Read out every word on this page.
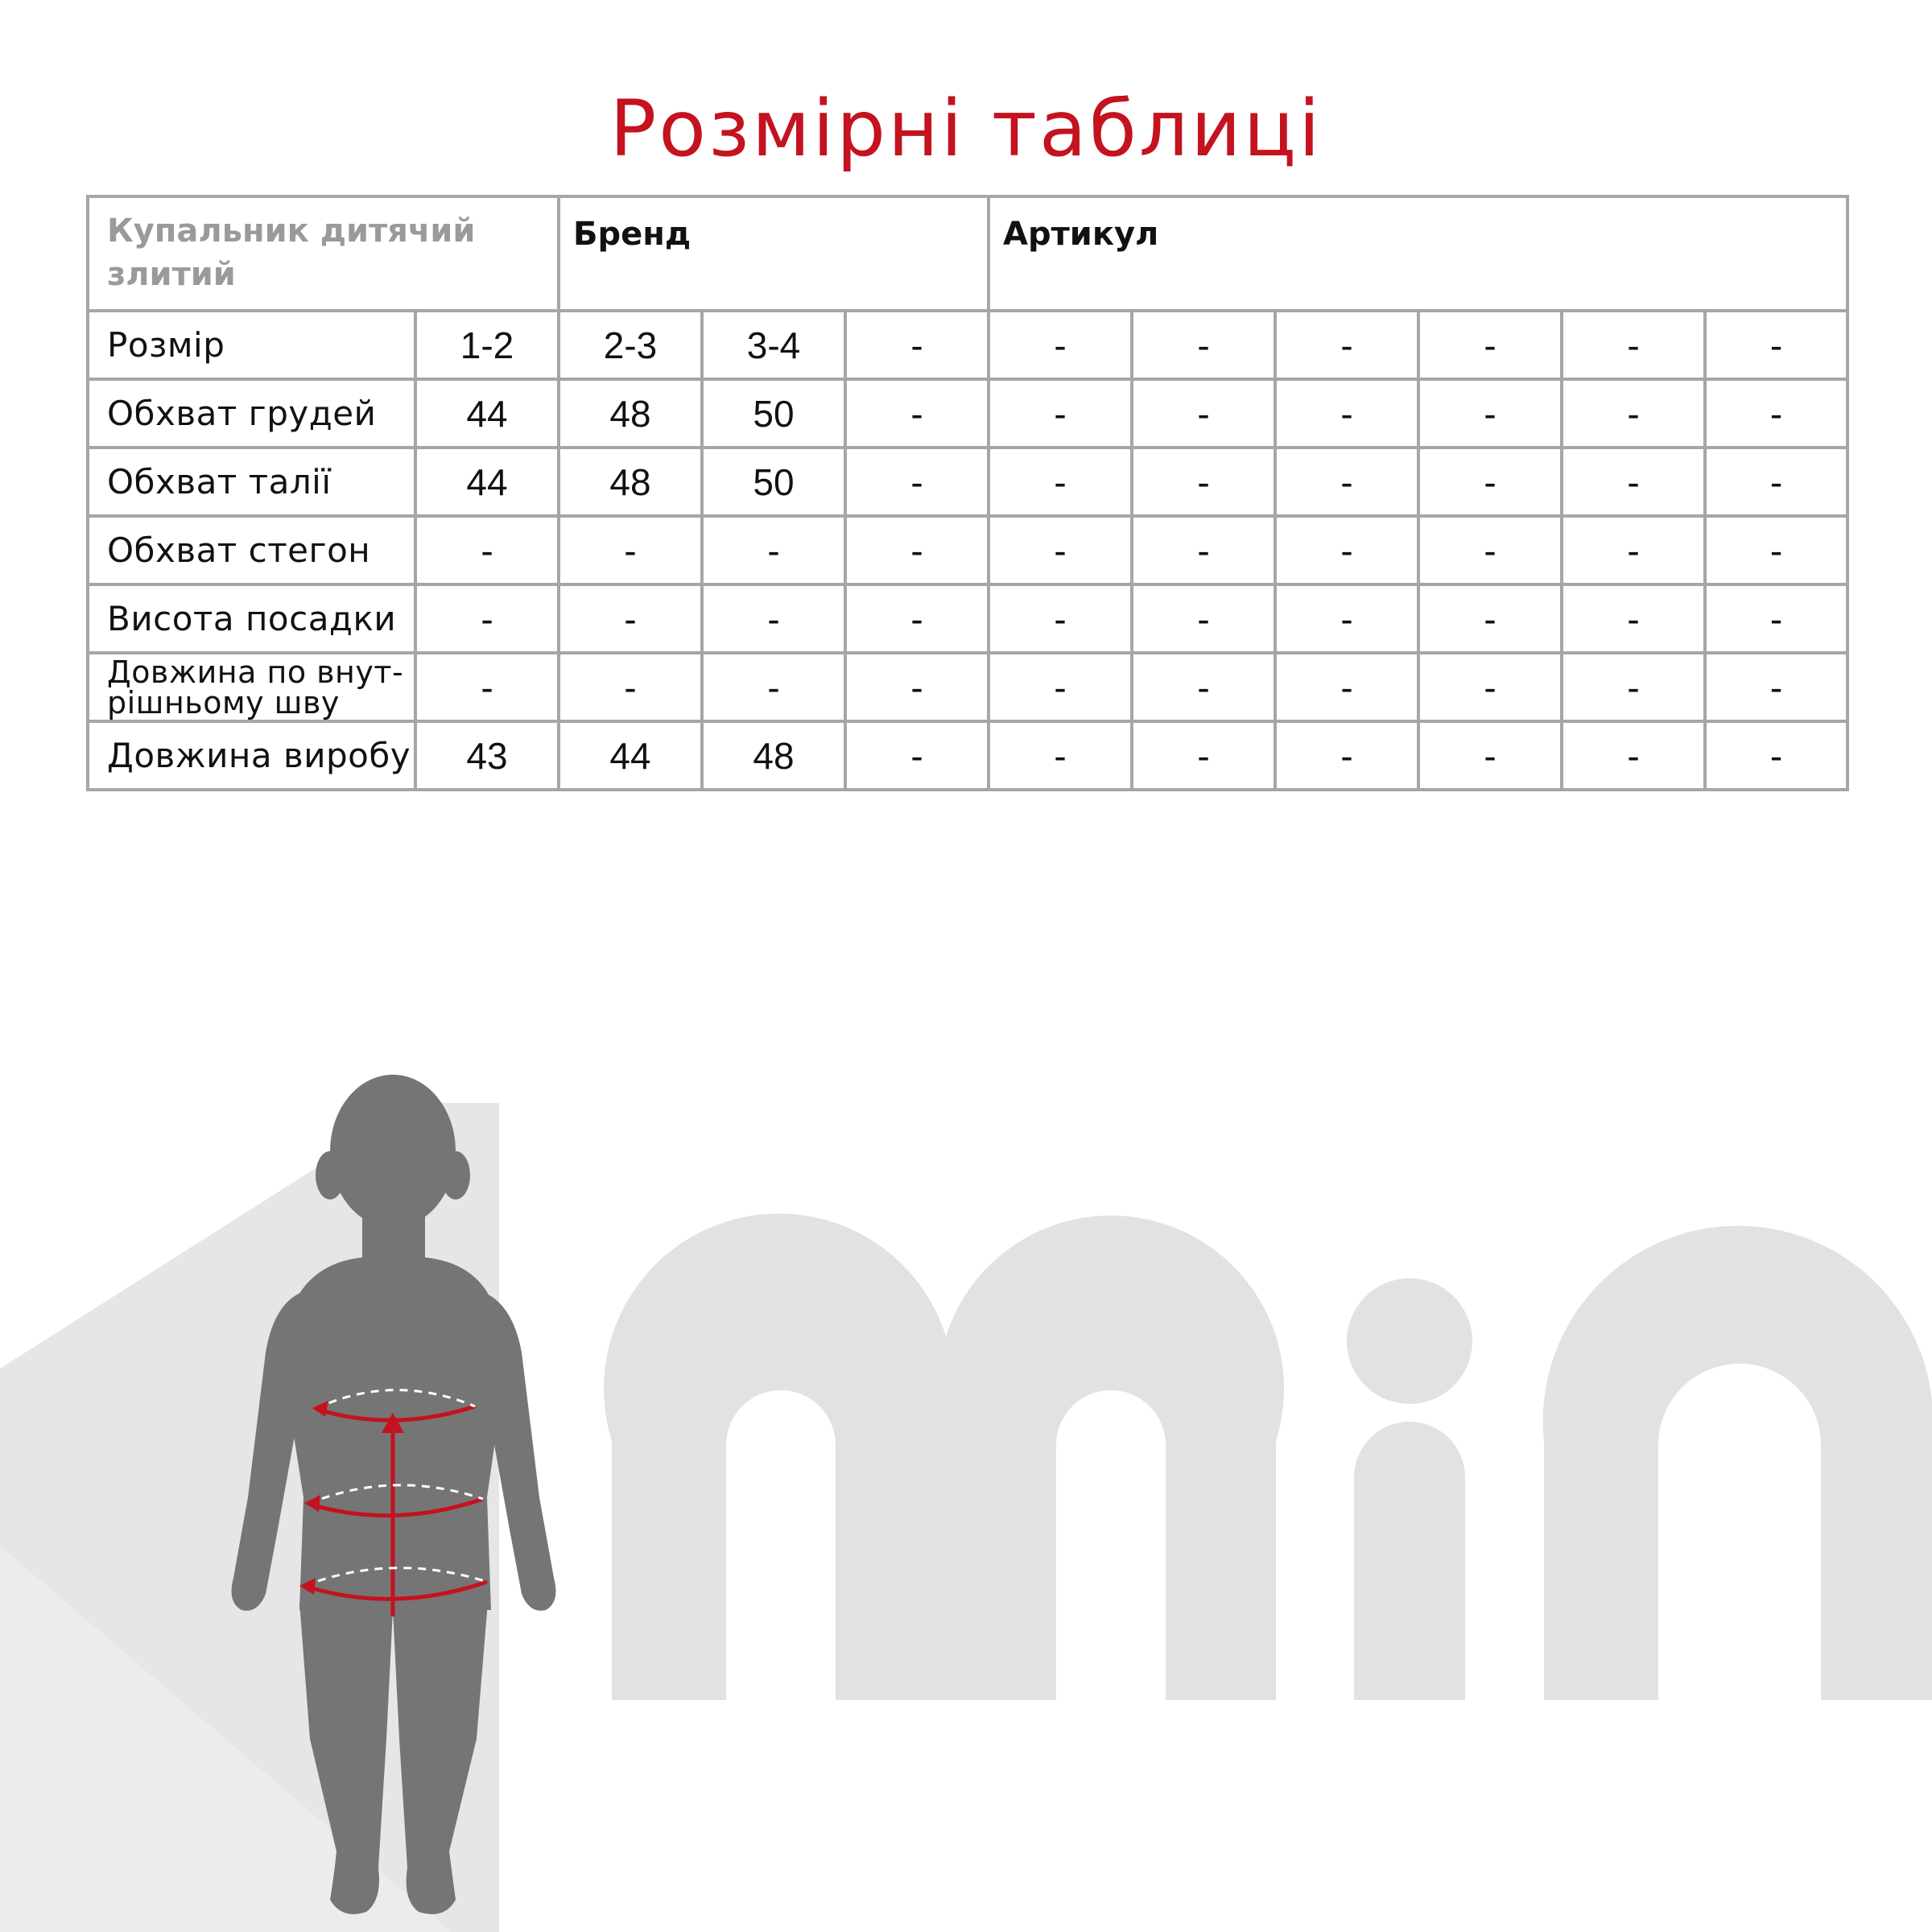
Розмірні таблиці
Купальник дитячий злитий		Бренд			Артикул					
Розмір	1-2	2-3	3-4	-	-	-	-	-	-	-
Обхват грудей	44	48	50	-	-	-	-	-	-	-
Обхват талії	44	48	50	-	-	-	-	-	-	-
Обхват стегон	-	-	-	-	-	-	-	-	-	-
Висота посадки	-	-	-	-	-	-	-	-	-	-
Довжина по внут-рішньому шву	-	-	-	-	-	-	-	-	-	-
Довжина виробу	43	44	48	-	-	-	-	-	-	-
